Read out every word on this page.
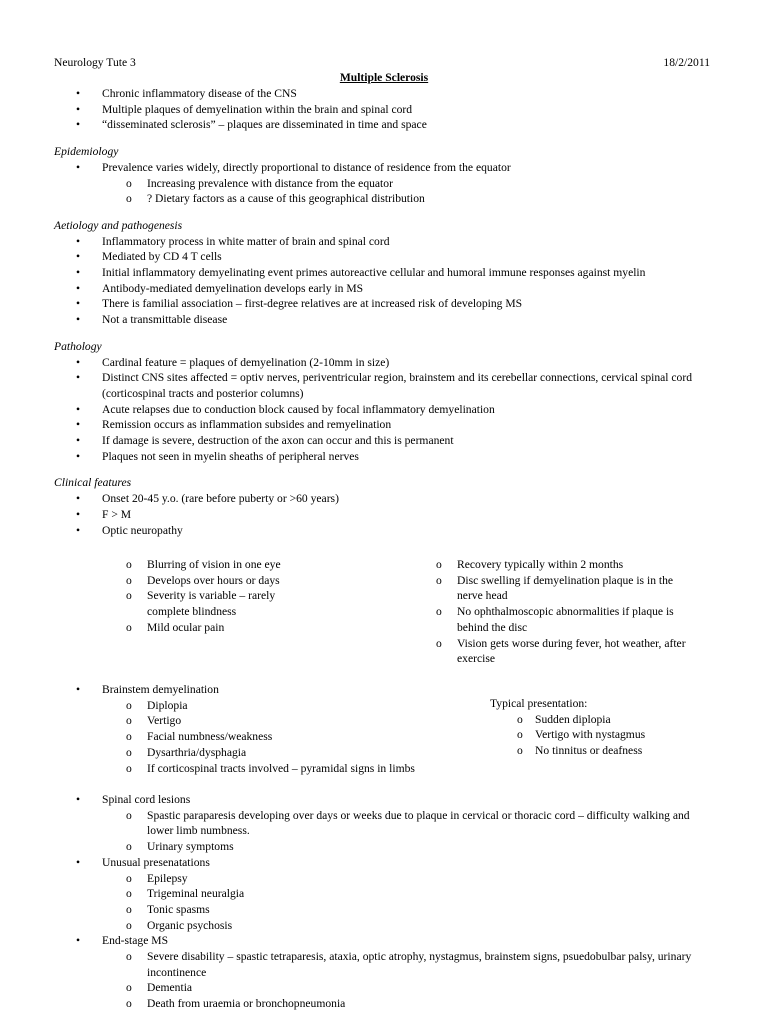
Neurology Tute 3	18/2/2011
Multiple Sclerosis
• Chronic inflammatory disease of the CNS
• Multiple plaques of demyelination within the brain and spinal cord
• “disseminated sclerosis” – plaques are disseminated in time and space
Epidemiology
• Prevalence varies widely, directly proportional to distance of residence from the equator
o Increasing prevalence with distance from the equator
o ? Dietary factors as a cause of this geographical distribution
Aetiology and pathogenesis
• Inflammatory process in white matter of brain and spinal cord
• Mediated by CD 4 T cells
• Initial inflammatory demyelinating event primes autoreactive cellular and humoral immune responses against myelin
• Antibody-mediated demyelination develops early in MS
• There is familial association – first-degree relatives are at increased risk of developing MS
• Not a transmittable disease
Pathology
• Cardinal feature = plaques of demyelination (2-10mm in size)
• Distinct CNS sites affected = optiv nerves, periventricular region, brainstem and its cerebellar connections, cervical spinal cord (corticospinal tracts and posterior columns)
• Acute relapses due to conduction block caused by focal inflammatory demyelination
• Remission occurs as inflammation subsides and remyelination
• If damage is severe, destruction of the axon can occur and this is permanent
• Plaques not seen in myelin sheaths of peripheral nerves
Clinical features
• Onset 20-45 y.o. (rare before puberty or >60 years)
• F > M
• Optic neuropathy
o Blurring of vision in one eye
o Develops over hours or days
o Severity is variable – rarely complete blindness
o Mild ocular pain
o Recovery typically within 2 months
o Disc swelling if demyelination plaque is in the nerve head
o No ophthalmoscopic abnormalities if plaque is behind the disc
o Vision gets worse during fever, hot weather, after exercise
• Brainstem demyelination
o Diplopia
o Vertigo
o Facial numbness/weakness
o Dysarthria/dysphagia
o If corticospinal tracts involved – pyramidal signs in limbs
Typical presentation:
o Sudden diplopia
o Vertigo with nystagmus
o No tinnitus or deafness
• Spinal cord lesions
o Spastic paraparesis developing over days or weeks due to plaque in cervical or thoracic cord – difficulty walking and lower limb numbness.
o Urinary symptoms
• Unusual presenatations
o Epilepsy
o Trigeminal neuralgia
o Tonic spasms
o Organic psychosis
• End-stage MS
o Severe disability – spastic tetraparesis, ataxia, optic atrophy, nystagmus, brainstem signs, psuedobulbar palsy, urinary incontinence
o Dementia
o Death from uraemia or bronchopneumonia
